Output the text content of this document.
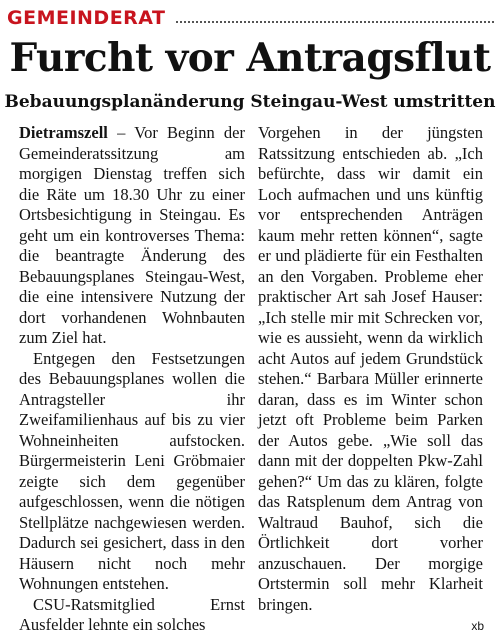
GEMEINDERAT
Furcht vor Antragsflut
Bebauungsplanänderung Steingau-West umstritten

Dietramszell – Vor Beginn der Gemeinderatssitzung am morgigen Dienstag treffen sich die Räte um 18.30 Uhr zu einer Ortsbesichtigung in Steingau. Es geht um ein kontroverses Thema: die beantragte Änderung des Bebauungsplanes Steingau-West, die eine intensivere Nutzung der dort vorhandenen Wohnbauten zum Ziel hat.

Entgegen den Festsetzungen des Bebauungsplanes wollen die Antragsteller ihr Zweifamilienhaus auf bis zu vier Wohneinheiten aufstocken. Bürgermeisterin Leni Gröbmaier zeigte sich dem gegenüber aufgeschlossen, wenn die nötigen Stellplätze nachgewiesen werden. Dadurch sei gesichert, dass in den Häusern nicht noch mehr Wohnungen entstehen.

CSU-Ratsmitglied Ernst Ausfelder lehnte ein solches

Vorgehen in der jüngsten Ratssitzung entschieden ab. „Ich befürchte, dass wir damit ein Loch aufmachen und uns künftig vor entsprechenden Anträgen kaum mehr retten können“, sagte er und plädierte für ein Festhalten an den Vorgaben. Probleme eher praktischer Art sah Josef Hauser: „Ich stelle mir mit Schrecken vor, wie es aussieht, wenn da wirklich acht Autos auf jedem Grundstück stehen.“ Barbara Müller erinnerte daran, dass es im Winter schon jetzt oft Probleme beim Parken der Autos gebe. „Wie soll das dann mit der doppelten Pkw-Zahl gehen?“ Um das zu klären, folgte das Ratsplenum dem Antrag von Waltraud Bauhof, sich die Örtlichkeit dort vorher anzuschauen. Der morgige Ortstermin soll mehr Klarheit bringen.

xb
